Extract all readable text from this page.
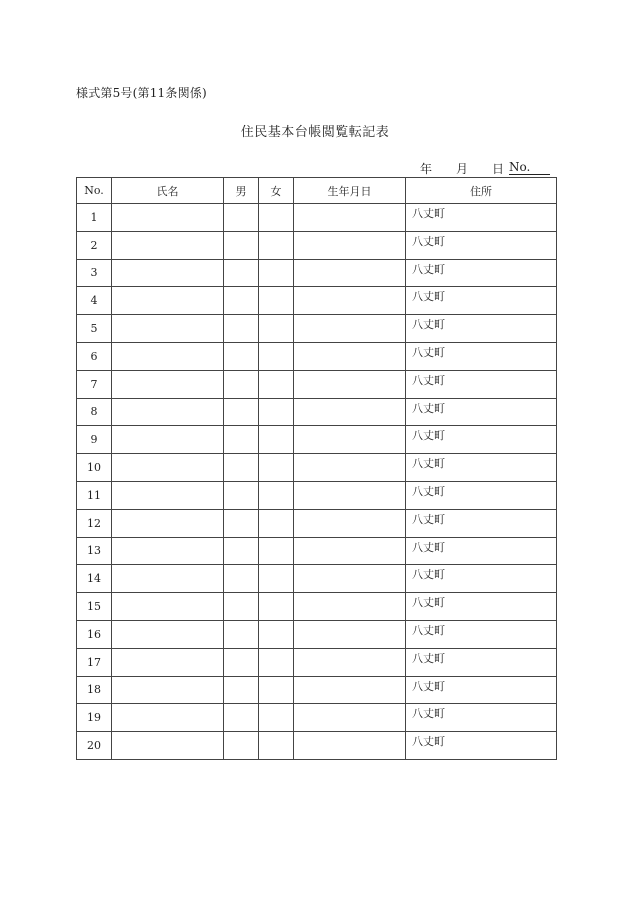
様式第5号(第11条関係)
住民基本台帳閲覧転記表
年 月 日 No.
No.	氏名	男	女	生年月日	住所
1					八丈町
2					八丈町
3					八丈町
4					八丈町
5					八丈町
6					八丈町
7					八丈町
8					八丈町
9					八丈町
10					八丈町
11					八丈町
12					八丈町
13					八丈町
14					八丈町
15					八丈町
16					八丈町
17					八丈町
18					八丈町
19					八丈町
20					八丈町
